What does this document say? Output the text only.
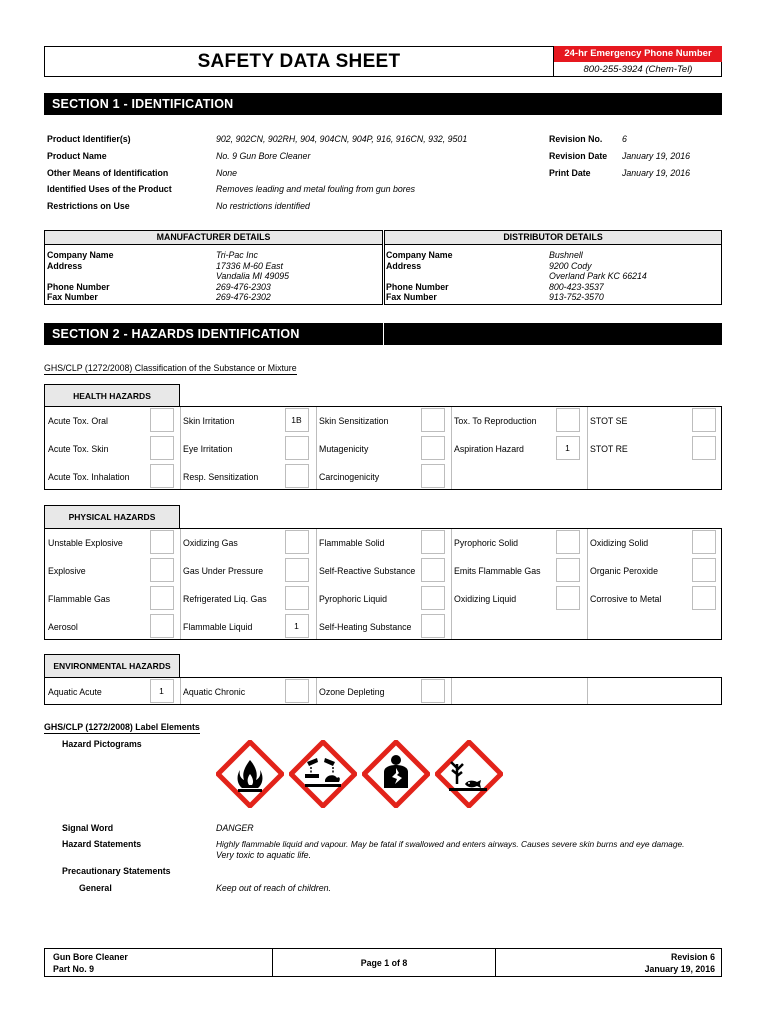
SAFETY DATA SHEET	24-hr Emergency Phone Number
800-255-3924 (Chem-Tel)
SECTION 1 - IDENTIFICATION
Product Identifier(s)	902, 902CN, 902RH, 904, 904CN, 904P, 916, 916CN, 932, 9501
Product Name	No. 9 Gun Bore Cleaner
Other Means of Identification	None
Identified Uses of the Product	Removes leading and metal fouling from gun bores
Restrictions on Use	No restrictions identified
Revision No. 6
Revision Date January 19, 2016
Print Date	January 19, 2016
MANUFACTURER DETAILS	DISTRIBUTOR DETAILS
Company Name	Tri-Pac Inc
Address	17336 M-60 East
Vandalia MI 49095
Phone Number	269-476-2303
Fax Number	269-476-2302
Company Name	Bushnell
Address	9200 Cody
Overland Park KC 66214
Phone Number	800-423-3537
Fax Number	913-752-3570
SECTION 2 - HAZARDS IDENTIFICATION
GHS/CLP (1272/2008) Classification of the Substance or Mixture
HEALTH HAZARDS
Acute Tox. Oral	Skin Irritation	1B	Skin Sensitization	Tox. To Reproduction	STOT SE
Acute Tox. Skin	Eye Irritation	Mutagenicity	Aspiration Hazard	1	STOT RE
Acute Tox. Inhalation	Resp. Sensitization	Carcinogenicity
PHYSICAL HAZARDS
Unstable Explosive	Oxidizing Gas	Flammable Solid	Pyrophoric Solid	Oxidizing Solid
Explosive	Gas Under Pressure	Self-Reactive Substance	Emits Flammable Gas	Organic Peroxide
Flammable Gas	Refrigerated Liq. Gas	Pyrophoric Liquid	Oxidizing Liquid	Corrosive to Metal
Aerosol	Flammable Liquid	1	Self-Heating Substance
ENVIRONMENTAL HAZARDS
Aquatic Acute	1	Aquatic Chronic	Ozone Depleting
GHS/CLP (1272/2008) Label Elements
Hazard Pictograms
Signal Word	DANGER
Hazard Statements	Highly flammable liquid and vapour. May be fatal if swallowed and enters airways. Causes severe skin burns and eye damage.
Very toxic to aquatic life.
Precautionary Statements
General	Keep out of reach of children.
Gun Bore Cleaner
Part No. 9
Page 1 of 8
Revision 6
January 19, 2016
